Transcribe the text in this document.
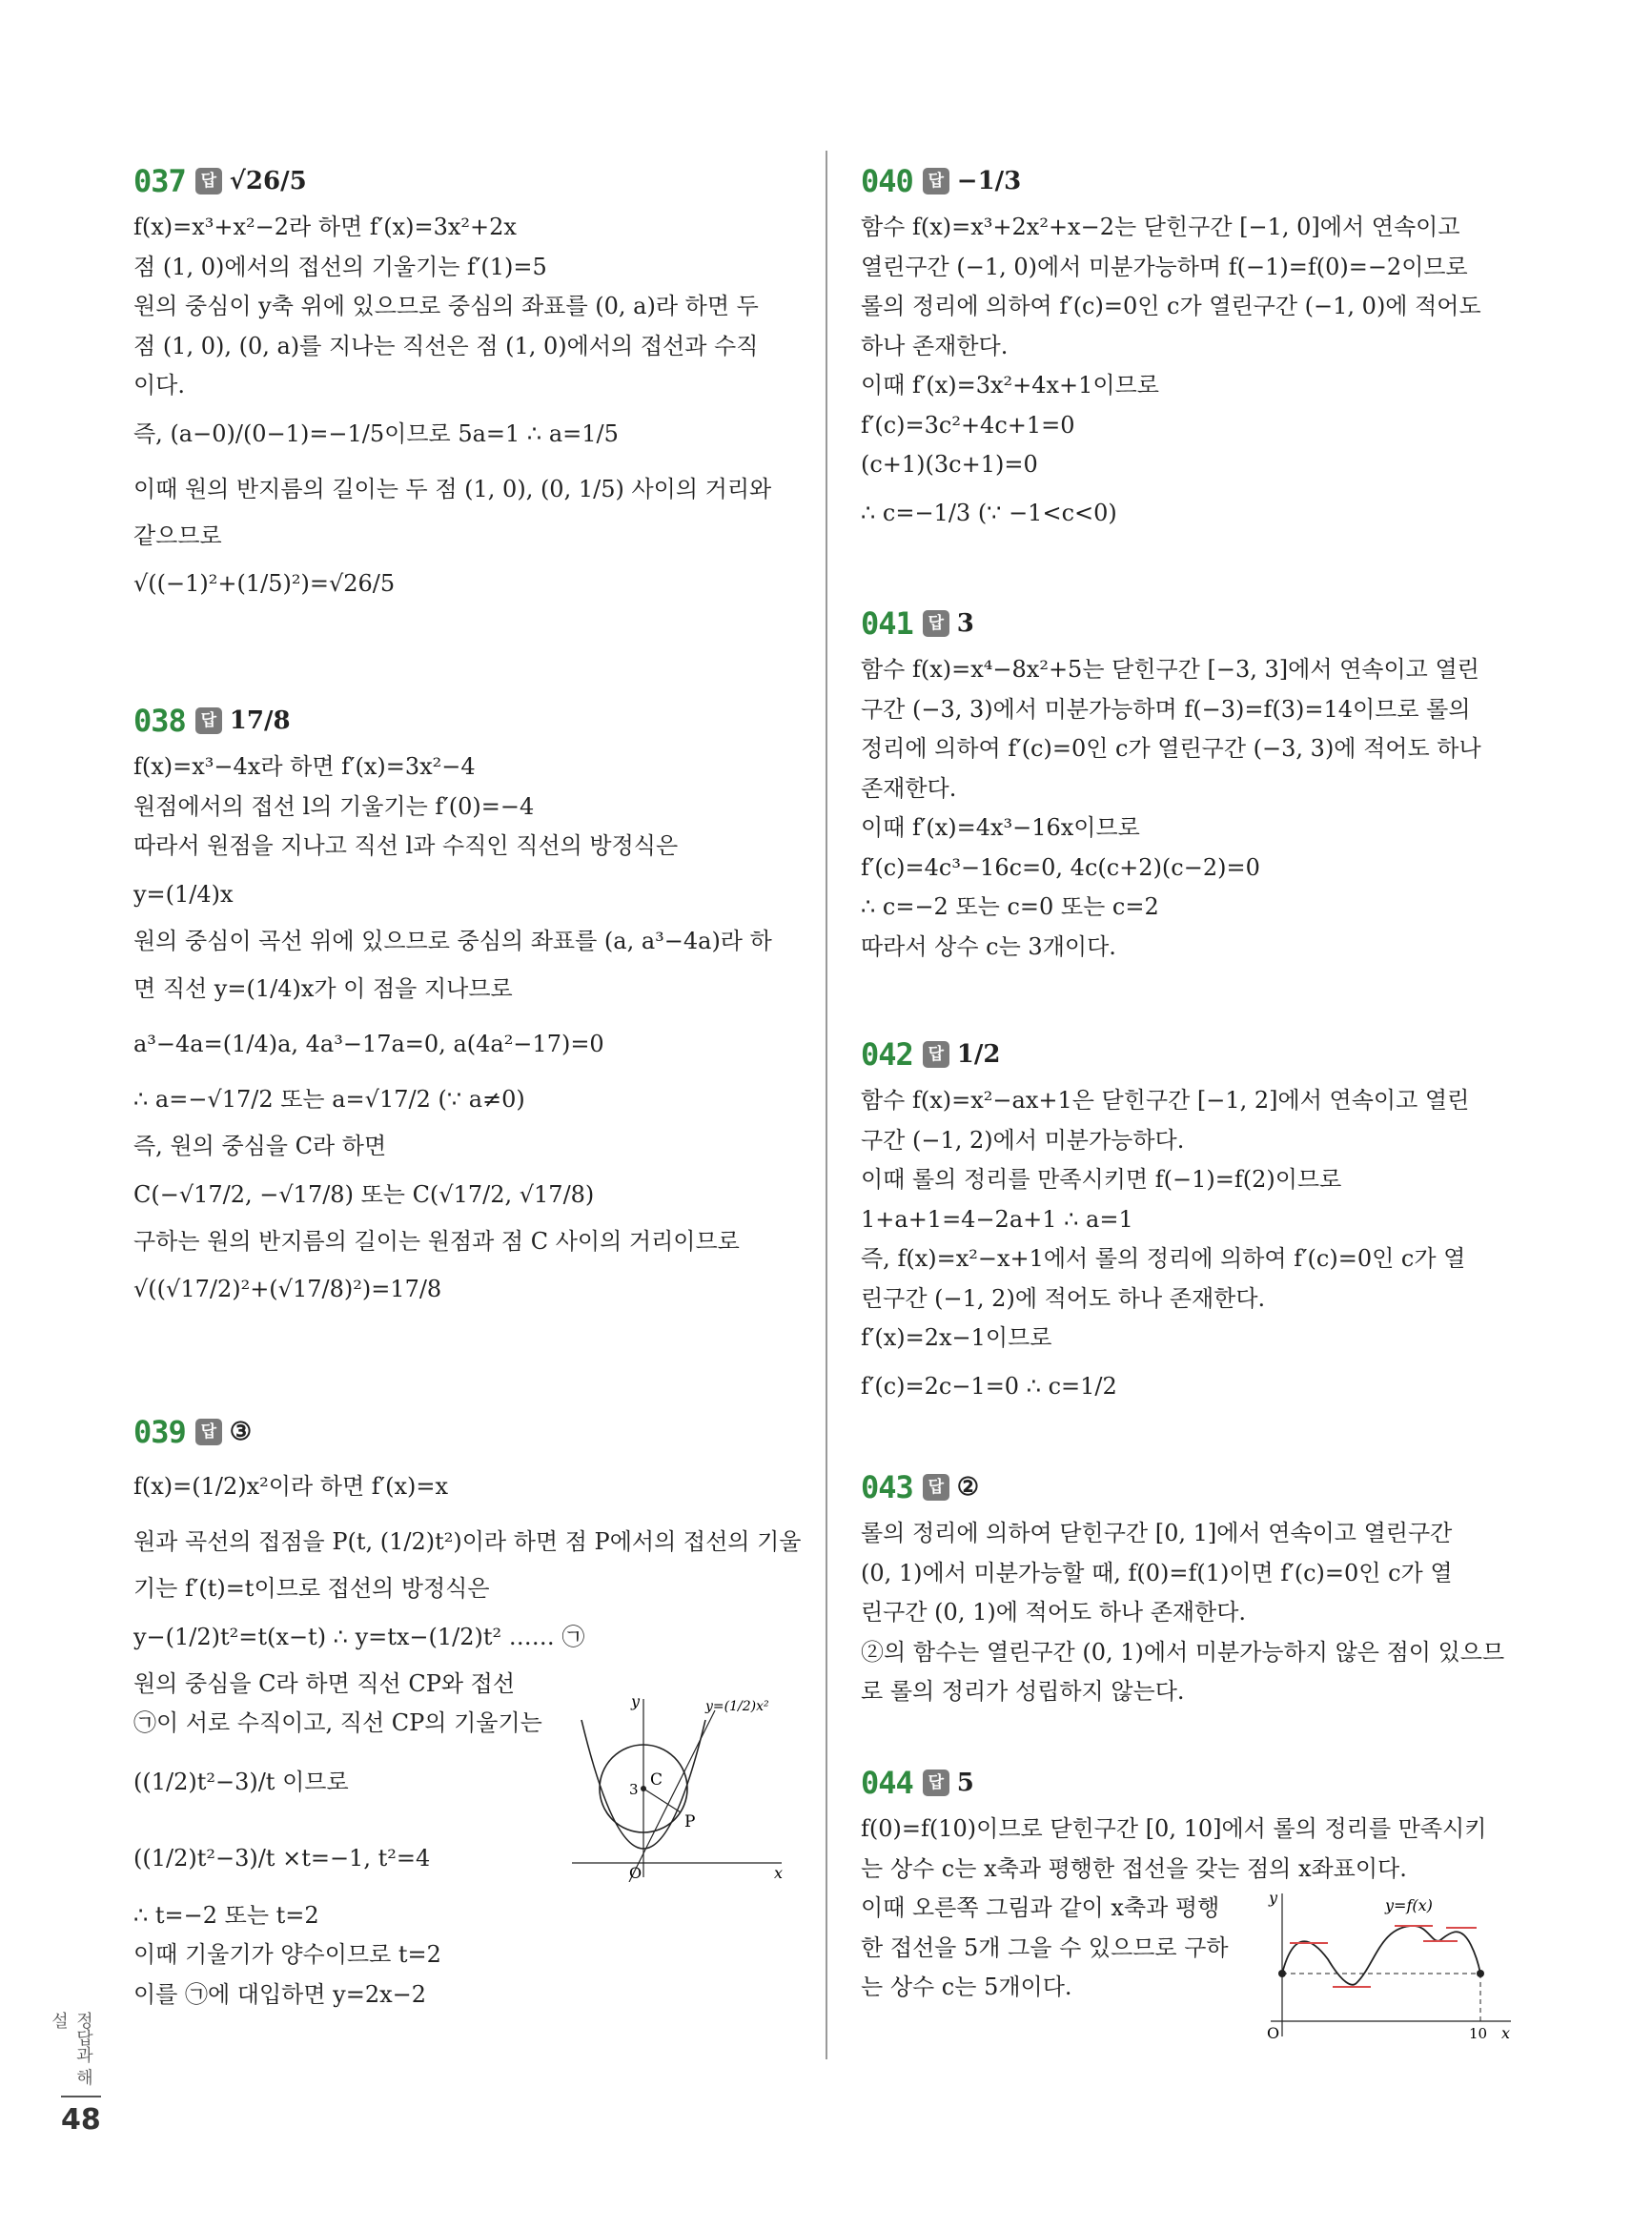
037 답 √26/5
f(x)=x³+x²−2라 하면 f′(x)=3x²+2x
점 (1, 0)에서의 접선의 기울기는 f′(1)=5
원의 중심이 y축 위에 있으므로 중심의 좌표를 (0, a)라 하면 두
점 (1, 0), (0, a)를 지나는 직선은 점 (1, 0)에서의 접선과 수직
이다.
즉, (a−0)/(0−1)=−1/5이므로 5a=1 ∴ a=1/5
이때 원의 반지름의 길이는 두 점 (1, 0), (0, 1/5) 사이의 거리와
같으므로
√((−1)²+(1/5)²)=√26/5
038 답 17/8
f(x)=x³−4x라 하면 f′(x)=3x²−4
원점에서의 접선 l의 기울기는 f′(0)=−4
따라서 원점을 지나고 직선 l과 수직인 직선의 방정식은
y=(1/4)x
원의 중심이 곡선 위에 있으므로 중심의 좌표를 (a, a³−4a)라 하
면 직선 y=(1/4)x가 이 점을 지나므로
a³−4a=(1/4)a, 4a³−17a=0, a(4a²−17)=0
∴ a=−√17/2 또는 a=√17/2 (∵ a≠0)
즉, 원의 중심을 C라 하면
C(−√17/2, −√17/8) 또는 C(√17/2, √17/8)
구하는 원의 반지름의 길이는 원점과 점 C 사이의 거리이므로
√((√17/2)²+(√17/8)²)=17/8
039 답 ③
f(x)=(1/2)x²이라 하면 f′(x)=x
원과 곡선의 접점을 P(t, (1/2)t²)이라 하면 점 P에서의 접선의 기울
기는 f′(t)=t이므로 접선의 방정식은
y−(1/2)t²=t(x−t) ∴ y=tx−(1/2)t² …… ㉠
원의 중심을 C라 하면 직선 CP와 접선
㉠이 서로 수직이고, 직선 CP의 기울기는
((1/2)t²−3)/t 이므로
((1/2)t²−3)/t ×t=−1, t²=4
∴ t=−2 또는 t=2
이때 기울기가 양수이므로 t=2
이를 ㉠에 대입하면 y=2x−2
C
P
3
O
y
x
y=(1/2)x²
040 답 −1/3
함수 f(x)=x³+2x²+x−2는 닫힌구간 [−1, 0]에서 연속이고
열린구간 (−1, 0)에서 미분가능하며 f(−1)=f(0)=−2이므로
롤의 정리에 의하여 f′(c)=0인 c가 열린구간 (−1, 0)에 적어도
하나 존재한다.
이때 f′(x)=3x²+4x+1이므로
f′(c)=3c²+4c+1=0
(c+1)(3c+1)=0
∴ c=−1/3 (∵ −1<c<0)
041 답 3
함수 f(x)=x⁴−8x²+5는 닫힌구간 [−3, 3]에서 연속이고 열린
구간 (−3, 3)에서 미분가능하며 f(−3)=f(3)=14이므로 롤의
정리에 의하여 f′(c)=0인 c가 열린구간 (−3, 3)에 적어도 하나
존재한다.
이때 f′(x)=4x³−16x이므로
f′(c)=4c³−16c=0, 4c(c+2)(c−2)=0
∴ c=−2 또는 c=0 또는 c=2
따라서 상수 c는 3개이다.
042 답 1/2
함수 f(x)=x²−ax+1은 닫힌구간 [−1, 2]에서 연속이고 열린
구간 (−1, 2)에서 미분가능하다.
이때 롤의 정리를 만족시키면 f(−1)=f(2)이므로
1+a+1=4−2a+1 ∴ a=1
즉, f(x)=x²−x+1에서 롤의 정리에 의하여 f′(c)=0인 c가 열
린구간 (−1, 2)에 적어도 하나 존재한다.
f′(x)=2x−1이므로
f′(c)=2c−1=0 ∴ c=1/2
043 답 ②
롤의 정리에 의하여 닫힌구간 [0, 1]에서 연속이고 열린구간
(0, 1)에서 미분가능할 때, f(0)=f(1)이면 f′(c)=0인 c가 열
린구간 (0, 1)에 적어도 하나 존재한다.
②의 함수는 열린구간 (0, 1)에서 미분가능하지 않은 점이 있으므
로 롤의 정리가 성립하지 않는다.
044 답 5
f(0)=f(10)이므로 닫힌구간 [0, 10]에서 롤의 정리를 만족시키
는 상수 c는 x축과 평행한 접선을 갖는 점의 x좌표이다.
이때 오른쪽 그림과 같이 x축과 평행
한 접선을 5개 그을 수 있으므로 구하
는 상수 c는 5개이다.
O
y
x
10
y=f(x)
정답과 해설
48
